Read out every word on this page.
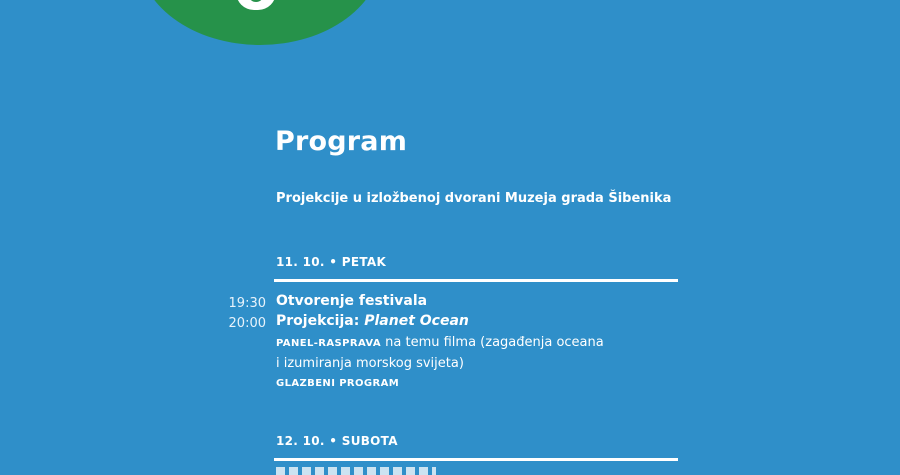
Program
Projekcije u izložbenoj dvorani Muzeja grada Šibenika
11. 10. • PETAK
19:30 Otvorenje festivala
20:00 Projekcija: Planet Ocean
PANEL-RASPRAVA na temu filma (zagađenja oceana
i izumiranja morskog svijeta)
GLAZBENI PROGRAM
12. 10. • SUBOTA
